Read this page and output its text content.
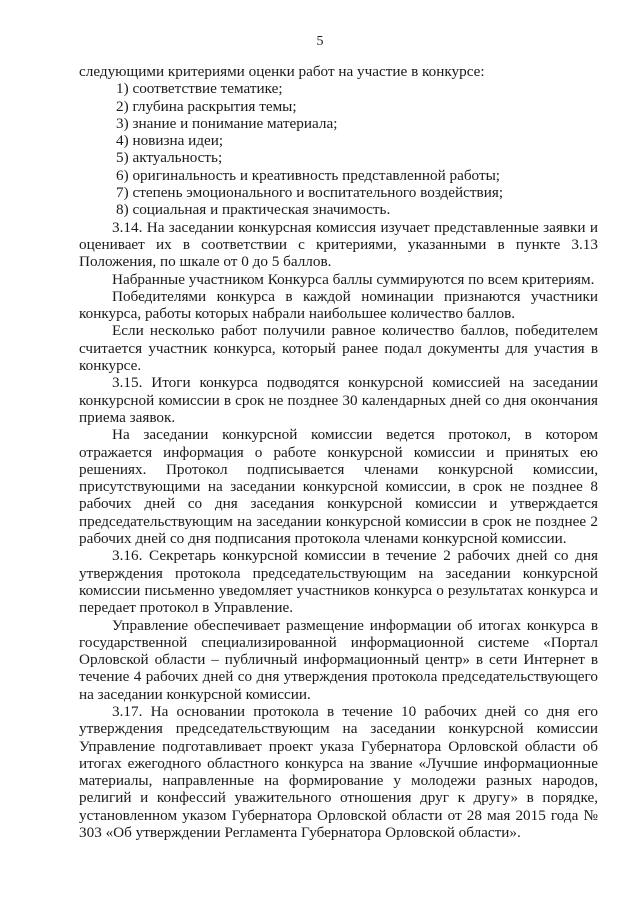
5

следующими критериями оценки работ на участие в конкурсе:

1) соответствие тематике;
2) глубина раскрытия темы;
3) знание и понимание материала;
4) новизна идеи;
5) актуальность;
6) оригинальность и креативность представленной работы;
7) степень эмоционального и воспитательного воздействия;
8) социальная и практическая значимость.

3.14. На заседании конкурсная комиссия изучает представленные заявки и оценивает их в соответствии с критериями, указанными в пункте 3.13 Положения, по шкале от 0 до 5 баллов.

Набранные участником Конкурса баллы суммируются по всем критериям.

Победителями конкурса в каждой номинации признаются участники конкурса, работы которых набрали наибольшее количество баллов.

Если несколько работ получили равное количество баллов, победителем считается участник конкурса, который ранее подал документы для участия в конкурсе.

3.15. Итоги конкурса подводятся конкурсной комиссией на заседании конкурсной комиссии в срок не позднее 30 календарных дней со дня окончания приема заявок.

На заседании конкурсной комиссии ведется протокол, в котором отражается информация о работе конкурсной комиссии и принятых ею решениях. Протокол подписывается членами конкурсной комиссии, присутствующими на заседании конкурсной комиссии, в срок не позднее 8 рабочих дней со дня заседания конкурсной комиссии и утверждается председательствующим на заседании конкурсной комиссии в срок не позднее 2 рабочих дней со дня подписания протокола членами конкурсной комиссии.

3.16. Секретарь конкурсной комиссии в течение 2 рабочих дней со дня утверждения протокола председательствующим на заседании конкурсной комиссии письменно уведомляет участников конкурса о результатах конкурса и передает протокол в Управление.

Управление обеспечивает размещение информации об итогах конкурса в государственной специализированной информационной системе «Портал Орловской области – публичный информационный центр» в сети Интернет в течение 4 рабочих дней со дня утверждения протокола председательствующего на заседании конкурсной комиссии.

3.17. На основании протокола в течение 10 рабочих дней со дня его утверждения председательствующим на заседании конкурсной комиссии Управление подготавливает проект указа Губернатора Орловской области об итогах ежегодного областного конкурса на звание «Лучшие информационные материалы, направленные на формирование у молодежи разных народов, религий и конфессий уважительного отношения друг к другу» в порядке, установленном указом Губернатора Орловской области от 28 мая 2015 года № 303 «Об утверждении Регламента Губернатора Орловской области».
